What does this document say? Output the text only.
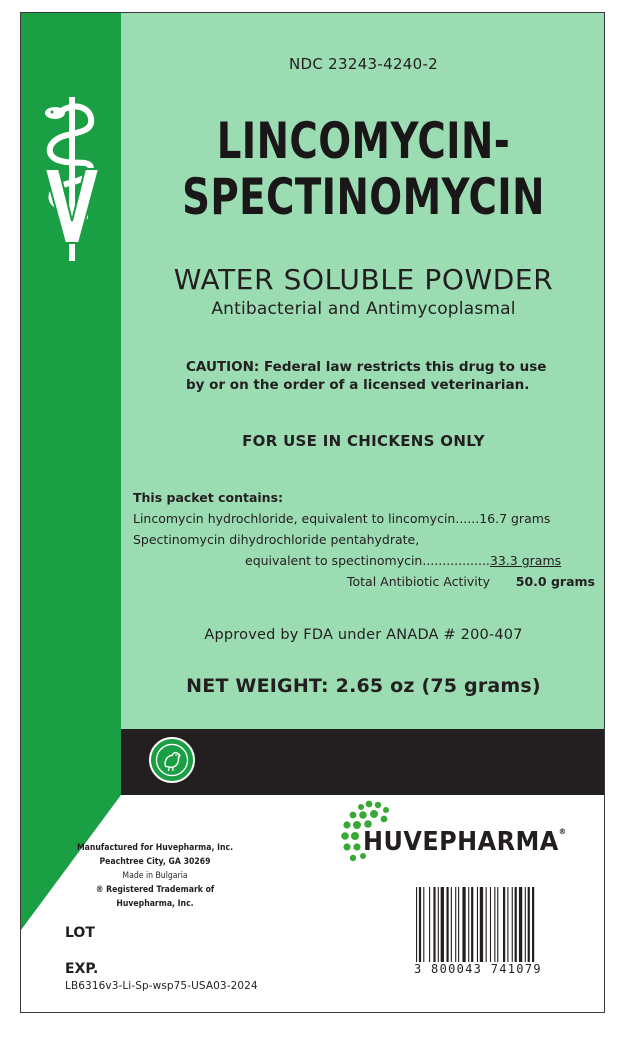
NDC 23243-4240-2
LINCOMYCIN-
SPECTINOMYCIN
WATER SOLUBLE POWDER
Antibacterial and Antimycoplasmal
CAUTION: Federal law restricts this drug to use
by or on the order of a licensed veterinarian.
FOR USE IN CHICKENS ONLY
This packet contains:
Lincomycin hydrochloride, equivalent to lincomycin......16.7 grams
Spectinomycin dihydrochloride pentahydrate,
equivalent to spectinomycin.................33.3 grams
Total Antibiotic Activity 50.0 grams
Approved by FDA under ANADA # 200-407
NET WEIGHT: 2.65 oz (75 grams)
HUVEPHARMA®
Manufactured for Huvepharma, Inc.
Peachtree City, GA 30269
Made in Bulgaria
® Registered Trademark of Huvepharma, Inc.
LOT
EXP.
LB6316v3-Li-Sp-wsp75-USA03-2024
3 800043 741079
